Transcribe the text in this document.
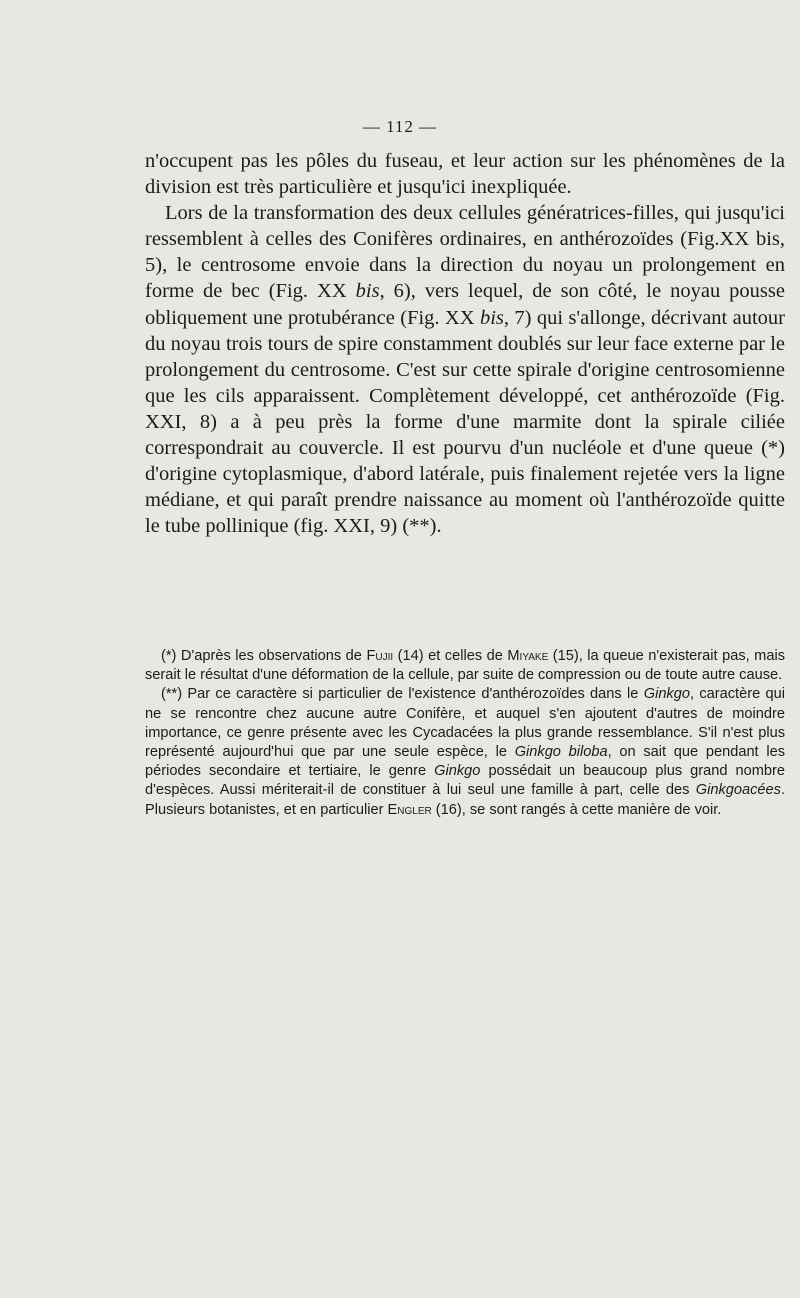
— 112 —

n'occupent pas les pôles du fuseau, et leur action sur les phénomènes de la division est très particulière et jusqu'ici inexpliquée.

Lors de la transformation des deux cellules génératrices-filles, qui jusqu'ici ressemblent à celles des Conifères ordinaires, en anthérozoïdes (Fig.XX bis, 5), le centrosome envoie dans la direction du noyau un prolongement en forme de bec (Fig. XX bis, 6), vers lequel, de son côté, le noyau pousse obliquement une protubérance (Fig. XX bis, 7) qui s'allonge, décrivant autour du noyau trois tours de spire constamment doublés sur leur face externe par le prolongement du centrosome. C'est sur cette spirale d'origine centrosomienne que les cils apparaissent. Complètement développé, cet anthérozoïde (Fig. XXI, 8) a à peu près la forme d'une marmite dont la spirale ciliée correspondrait au couvercle. Il est pourvu d'un nucléole et d'une queue (*) d'origine cytoplasmique, d'abord latérale, puis finalement rejetée vers la ligne médiane, et qui paraît prendre naissance au moment où l'anthérozoïde quitte le tube pollinique (fig. XXI, 9) (**).

(*) D'après les observations de Fujii (14) et celles de Miyake (15), la queue n'existerait pas, mais serait le résultat d'une déformation de la cellule, par suite de compression ou de toute autre cause.

(**) Par ce caractère si particulier de l'existence d'anthérozoïdes dans le Ginkgo, caractère qui ne se rencontre chez aucune autre Conifère, et auquel s'en ajoutent d'autres de moindre importance, ce genre présente avec les Cycadacées la plus grande ressemblance. S'il n'est plus représenté aujourd'hui que par une seule espèce, le Ginkgo biloba, on sait que pendant les périodes secondaire et tertiaire, le genre Ginkgo possédait un beaucoup plus grand nombre d'espèces. Aussi mériterait-il de constituer à lui seul une famille à part, celle des Ginkgoacées. Plusieurs botanistes, et en particulier Engler (16), se sont rangés à cette manière de voir.
